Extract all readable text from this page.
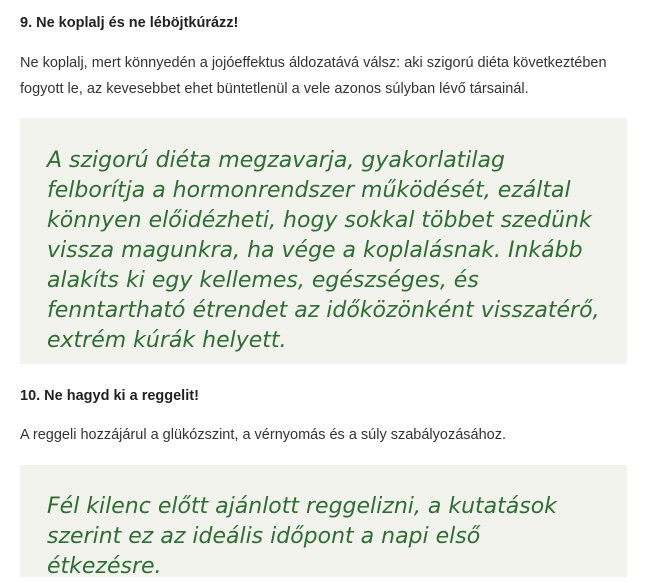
9. Ne koplalj és ne léböjtkúrázz!

Ne koplalj, mert könnyedén a jojóeffektus áldozatává válsz: aki szigorú diéta következtében fogyott le, az kevesebbet ehet büntetlenül a vele azonos súlyban lévő társainál.

A szigorú diéta megzavarja, gyakorlatilag felborítja a hormonrendszer működését, ezáltal könnyen előidézheti, hogy sokkal többet szedünk vissza magunkra, ha vége a koplalásnak. Inkább alakíts ki egy kellemes, egészséges, és fenntartható étrendet az időközönként visszatérő, extrém kúrák helyett.
10. Ne hagyd ki a reggelit!

A reggeli hozzájárul a glükózszint, a vérnyomás és a súly szabályozásához.

Fél kilenc előtt ajánlott reggelizni, a kutatások szerint ez az ideális időpont a napi első étkezésre.
